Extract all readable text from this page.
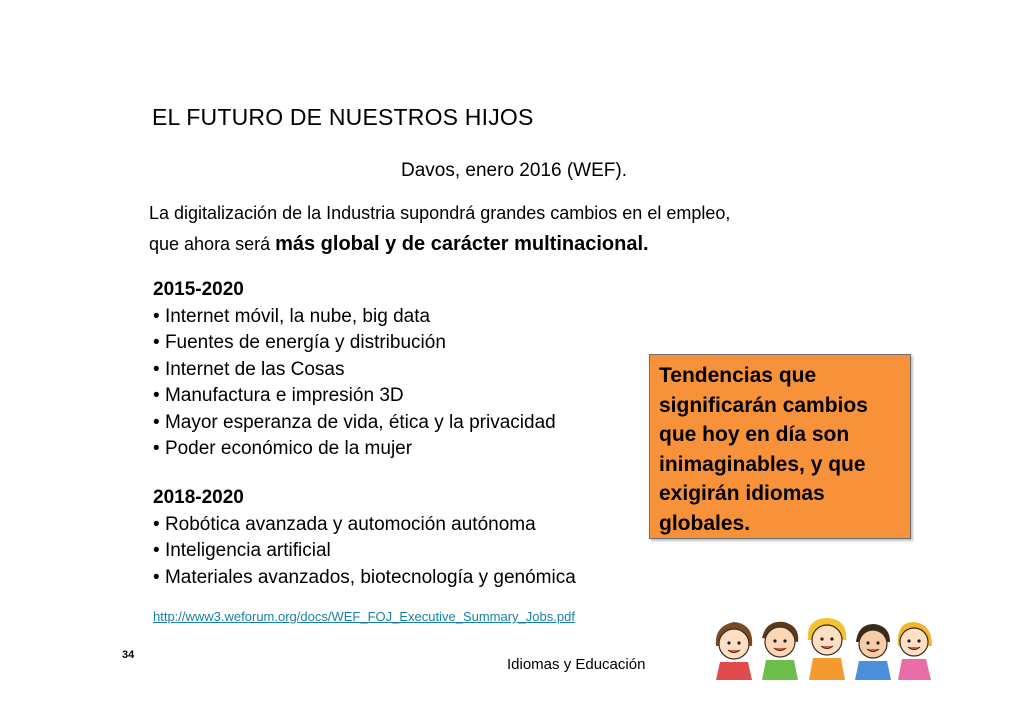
EL FUTURO DE NUESTROS HIJOS
Davos, enero 2016 (WEF).
La digitalización de la Industria supondrá grandes cambios en el empleo,
que ahora será más global y de carácter multinacional.
2015-2020
• Internet móvil, la nube, big data
• Fuentes de energía y distribución
• Internet de las Cosas
• Manufactura e impresión 3D
• Mayor esperanza de vida, ética y la privacidad
• Poder económico de la mujer
2018-2020
• Robótica avanzada y automoción autónoma
• Inteligencia artificial
• Materiales avanzados, biotecnología y genómica
http://www3.weforum.org/docs/WEF_FOJ_Executive_Summary_Jobs.pdf
Tendencias que significarán cambios que hoy en día son inimaginables, y que exigirán idiomas globales.
34
Idiomas y Educación
